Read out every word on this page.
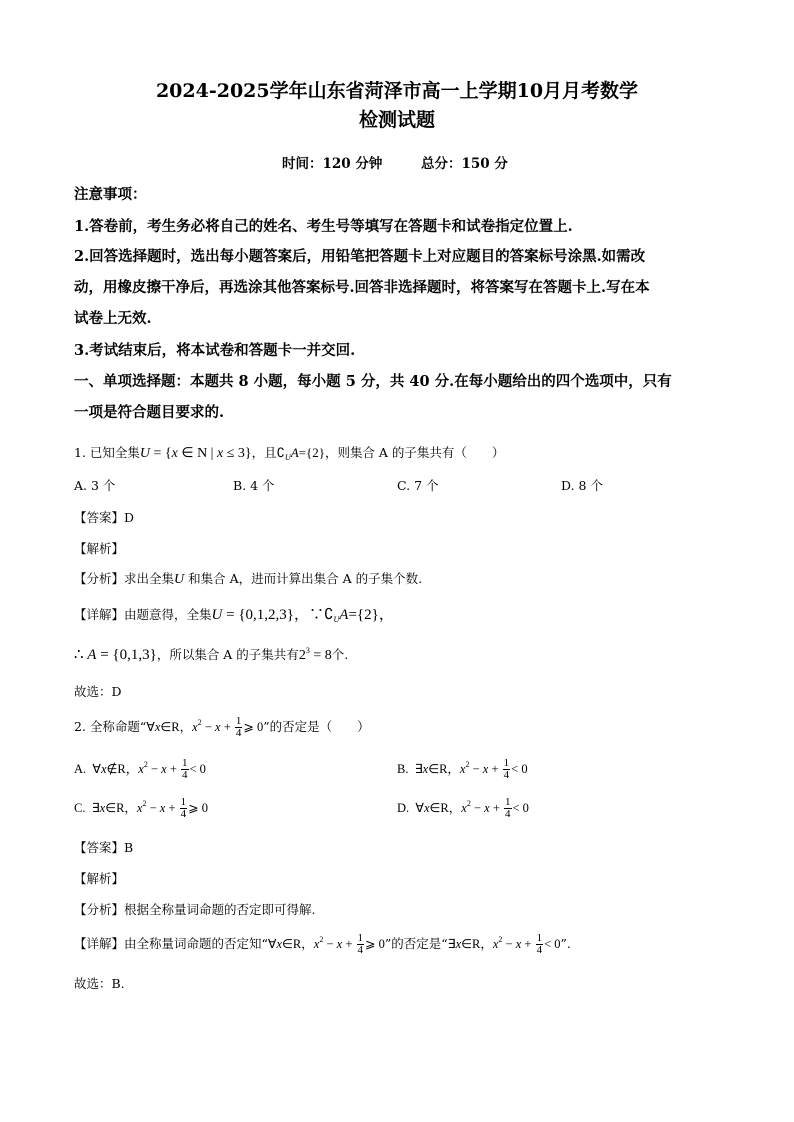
2024-2025学年山东省菏泽市高一上学期10月月考数学
检测试题
时间：120 分钟	总分：150 分
注意事项：
1.答卷前，考生务必将自己的姓名、考生号等填写在答题卡和试卷指定位置上.
2.回答选择题时，选出每小题答案后，用铅笔把答题卡上对应题目的答案标号涂黑.如需改
动，用橡皮擦干净后，再选涂其他答案标号.回答非选择题时，将答案写在答题卡上.写在本
试卷上无效.
3.考试结束后，将本试卷和答题卡一并交回.
一、单项选择题：本题共 8 小题，每小题 5 分，共 40 分.在每小题给出的四个选项中，只有
一项是符合题目要求的.
1. 已知全集U = {x ∈ N | x ≤ 3}，且$∁_UA=\{2\}$，则集合 A 的子集共有（　　）
A. 3 个	B. 4 个	C. 7 个	D. 8 个
【答案】D
【解析】
【分析】求出全集U 和集合 A，进而计算出集合 A 的子集个数.
【详解】由题意得，全集U = {0,1,2,3}，$\because∁_UA=\{2\}$，
∴ A = {0,1,3}，所以集合 A 的子集共有$2^3 = 8$个.
故选：D
2. 全称命题“∀x∈R，$x^2 - x + \frac{1}{4}$ ⩾ 0”的否定是（　　）
A.  ∀x∉R，$x^2 - x + \frac{1}{4} < 0$	B.  ∃x∈R，$x^2 - x + \frac{1}{4} < 0$
C.  ∃x∈R，$x^2 - x + \frac{1}{4}$ ⩾ 0	D.  ∀x∈R，$x^2 - x + \frac{1}{4} < 0$
【答案】B
【解析】
【分析】根据全称量词命题的否定即可得解.
【详解】由全称量词命题的否定知“∀x∈R，$x^2 - x + \frac{1}{4}$ ⩾ 0”的否定是“∃x∈R，$x^2 - x + \frac{1}{4} < 0$”.
故选：B.
